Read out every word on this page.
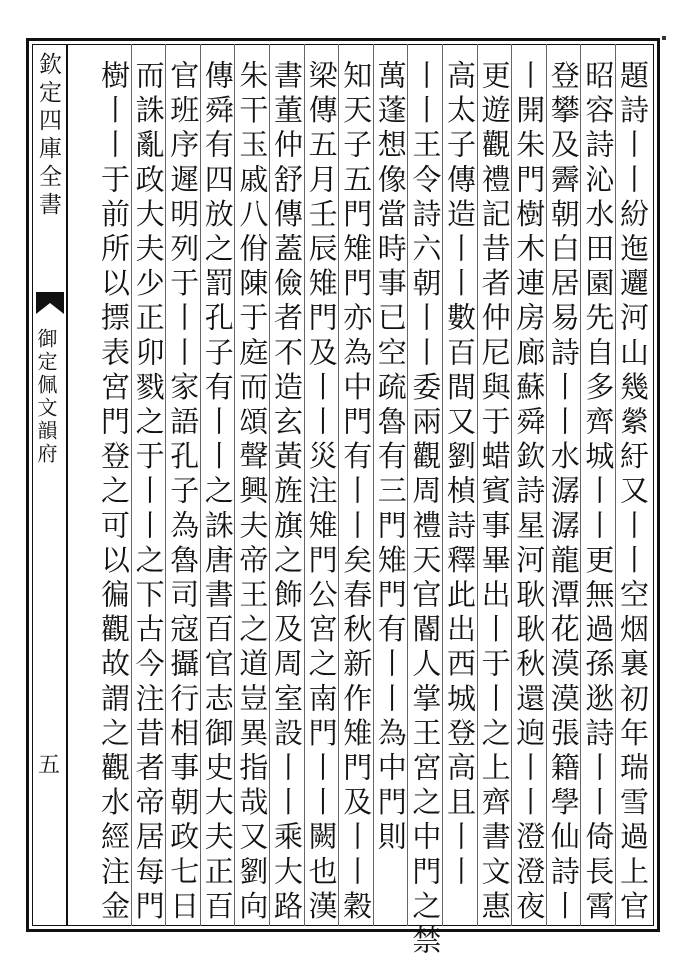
欽定四庫全書
御定佩文韻府
五	題詩丨丨紛迤邐河山幾縈紆又丨丨空烟裏初年瑞雪過上官
昭容詩沁水田園先自多齊城丨丨更無過孫逖詩丨丨倚長霄
登攀及霽朝白居易詩丨丨水潺潺龍潭花漠漠張籍學仙詩丨
丨開朱門樹木連房廊蘇舜欽詩星河耿耿秋還逈丨丨澄澄夜
更遊觀禮記昔者仲尼與于蜡賓事畢出丨于丨之上齊書文惠
高太子傳造丨丨數百間又劉楨詩釋此出西城登高且丨丨
丨丨王令詩六朝丨丨委兩觀周禮天官閽人掌王宮之中門之禁
萬蓬想像當時事已空疏魯有三門雉門有丨丨為中門則
知天子五門雉門亦為中門有丨丨矣春秋新作雉門及丨丨穀
梁傳五月壬辰雉門及丨丨災注雉門公宮之南門丨丨闕也漢
書董仲舒傳蓋儉者不造玄黃旌旗之飾及周室設丨丨乘大路
朱干玉戚八佾陳于庭而頌聲興夫帝王之道豈異指哉又劉向
傳舜有四放之罰孔子有丨丨之誅唐書百官志御史大夫正百
官班序遲明列于丨丨家語孔子為魯司寇攝行相事朝政七日
而誅亂政大夫少正卯戮之于丨丨之下古今注昔者帝居每門
樹丨丨于前所以摽表宮門登之可以徧觀故謂之觀水經注金
